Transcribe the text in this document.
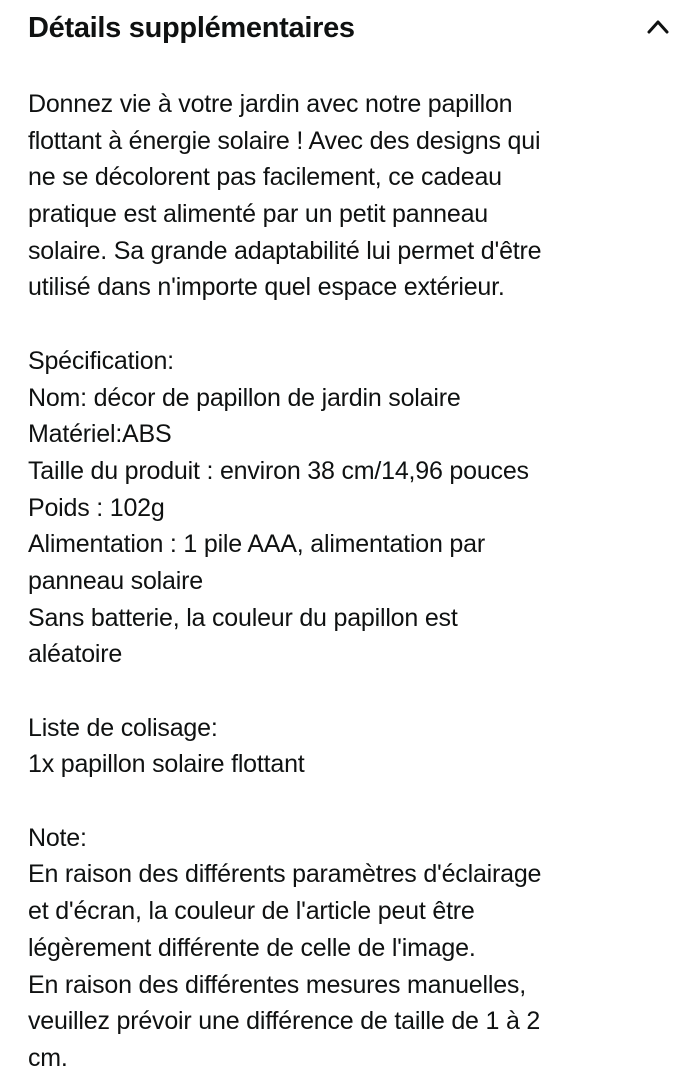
Détails supplémentaires
Donnez vie à votre jardin avec notre papillon
flottant à énergie solaire ! Avec des designs qui
ne se décolorent pas facilement, ce cadeau
pratique est alimenté par un petit panneau
solaire. Sa grande adaptabilité lui permet d'être
utilisé dans n'importe quel espace extérieur.
Spécification:
Nom: décor de papillon de jardin solaire
Matériel:ABS
Taille du produit : environ 38 cm/14,96 pouces
Poids : 102g
Alimentation : 1 pile AAA, alimentation par
panneau solaire
Sans batterie, la couleur du papillon est
aléatoire
Liste de colisage:
1x papillon solaire flottant
Note:
En raison des différents paramètres d'éclairage
et d'écran, la couleur de l'article peut être
légèrement différente de celle de l'image.
En raison des différentes mesures manuelles,
veuillez prévoir une différence de taille de 1 à 2
cm.
